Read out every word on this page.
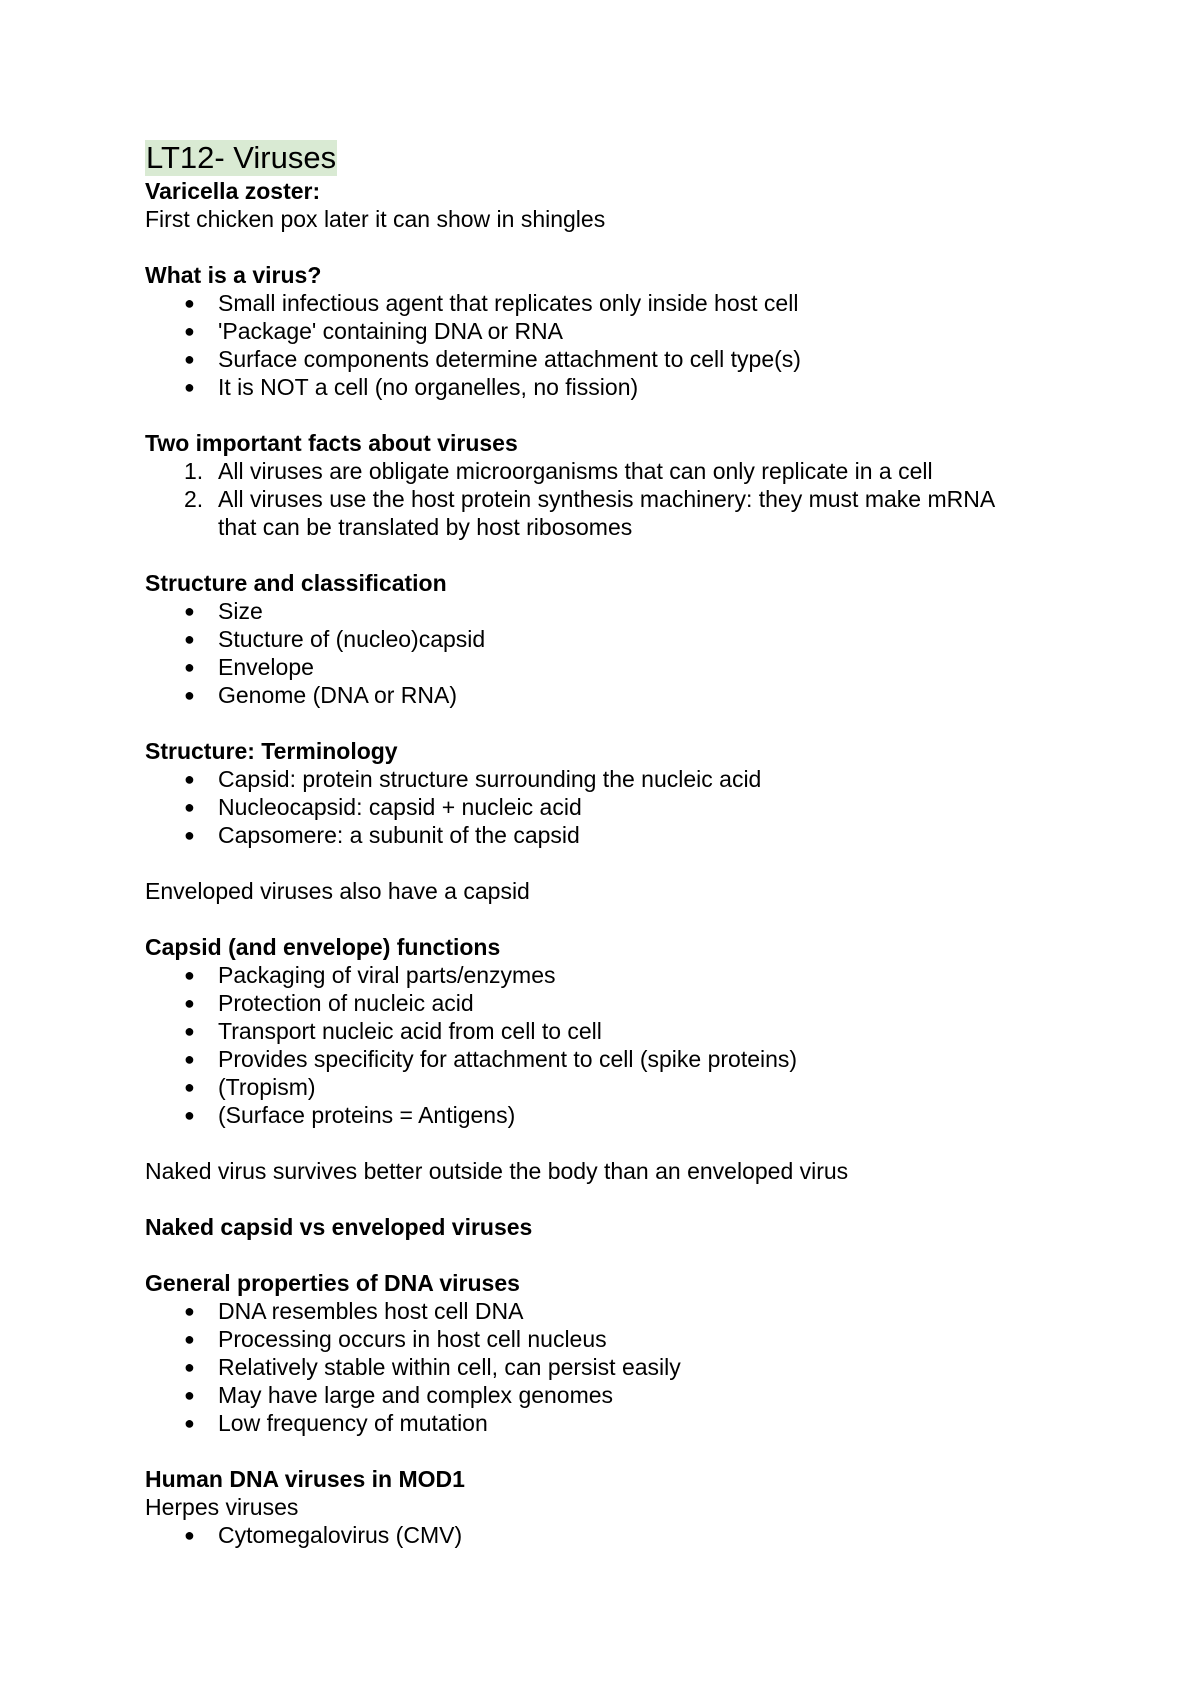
LT12- Viruses
Varicella zoster:
First chicken pox later it can show in shingles
What is a virus?
● Small infectious agent that replicates only inside host cell
● 'Package' containing DNA or RNA
● Surface components determine attachment to cell type(s)
● It is NOT a cell (no organelles, no fission)
Two important facts about viruses
1. All viruses are obligate microorganisms that can only replicate in a cell
2. All viruses use the host protein synthesis machinery: they must make mRNA
that can be translated by host ribosomes
Structure and classification
● Size
● Stucture of (nucleo)capsid
● Envelope
● Genome (DNA or RNA)
Structure: Terminology
● Capsid: protein structure surrounding the nucleic acid
● Nucleocapsid: capsid + nucleic acid
● Capsomere: a subunit of the capsid
Enveloped viruses also have a capsid
Capsid (and envelope) functions
● Packaging of viral parts/enzymes
● Protection of nucleic acid
● Transport nucleic acid from cell to cell
● Provides specificity for attachment to cell (spike proteins)
● (Tropism)
● (Surface proteins = Antigens)
Naked virus survives better outside the body than an enveloped virus
Naked capsid vs enveloped viruses
General properties of DNA viruses
● DNA resembles host cell DNA
● Processing occurs in host cell nucleus
● Relatively stable within cell, can persist easily
● May have large and complex genomes
● Low frequency of mutation
Human DNA viruses in MOD1
Herpes viruses
● Cytomegalovirus (CMV)
